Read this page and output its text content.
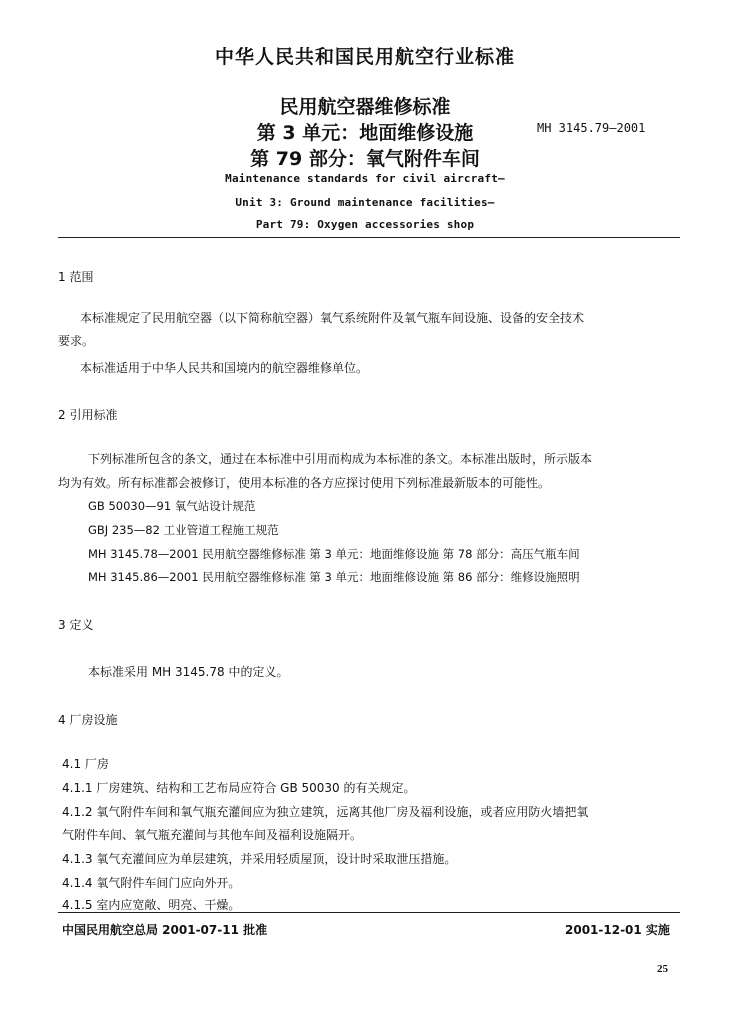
中华人民共和国民用航空行业标准
民用航空器维修标准
第 3 单元：地面维修设施	MH 3145.79—2001
第 79 部分：氧气附件车间
Maintenance standards for civil aircraft—
Unit 3: Ground maintenance facilities—
Part 79: Oxygen accessories shop
1 范围
本标准规定了民用航空器（以下简称航空器）氧气系统附件及氧气瓶车间设施、设备的安全技术
要求。
本标准适用于中华人民共和国境内的航空器维修单位。
2 引用标准
下列标准所包含的条文，通过在本标准中引用而构成为本标准的条文。本标准出版时，所示版本
均为有效。所有标准都会被修订，使用本标准的各方应探讨使用下列标准最新版本的可能性。
GB 50030—91 氧气站设计规范
GBJ 235—82 工业管道工程施工规范
MH 3145.78—2001 民用航空器维修标准 第 3 单元：地面维修设施 第 78 部分：高压气瓶车间
MH 3145.86—2001 民用航空器维修标准 第 3 单元：地面维修设施 第 86 部分：维修设施照明
3 定义
本标准采用 MH 3145.78 中的定义。
4 厂房设施
4.1 厂房
4.1.1 厂房建筑、结构和工艺布局应符合 GB 50030 的有关规定。
4.1.2 氧气附件车间和氧气瓶充灌间应为独立建筑，远离其他厂房及福利设施，或者应用防火墙把氧
气附件车间、氧气瓶充灌间与其他车间及福利设施隔开。
4.1.3 氧气充灌间应为单层建筑，并采用轻质屋顶，设计时采取泄压措施。
4.1.4 氧气附件车间门应向外开。
4.1.5 室内应宽敞、明亮、干燥。
中国民用航空总局 2001-07-11 批准	2001-12-01 实施
25
